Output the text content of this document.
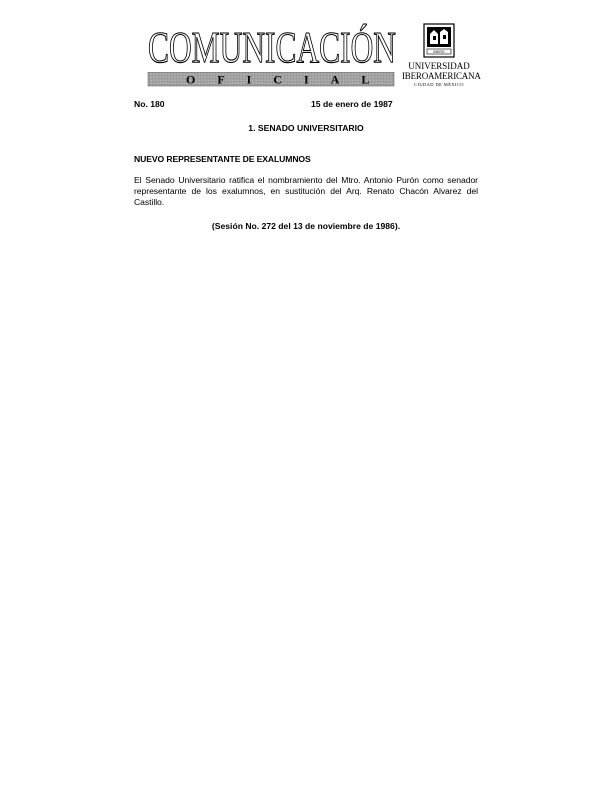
COMUNICACIÓN
OFICIAL
IBERO
UNIVERSIDAD
IBEROAMERICANA
CIUDAD DE MÉXICO
No. 180	15 de enero de 1987
1. SENADO UNIVERSITARIO
NUEVO REPRESENTANTE DE EXALUMNOS
El Senado Universitario ratifica el nombramiento del Mtro. Antonio Purón como senador representante de los exalumnos, en sustitución del Arq. Renato Chacón Alvarez del Castillo.
(Sesión No. 272 del 13 de noviembre de 1986).
